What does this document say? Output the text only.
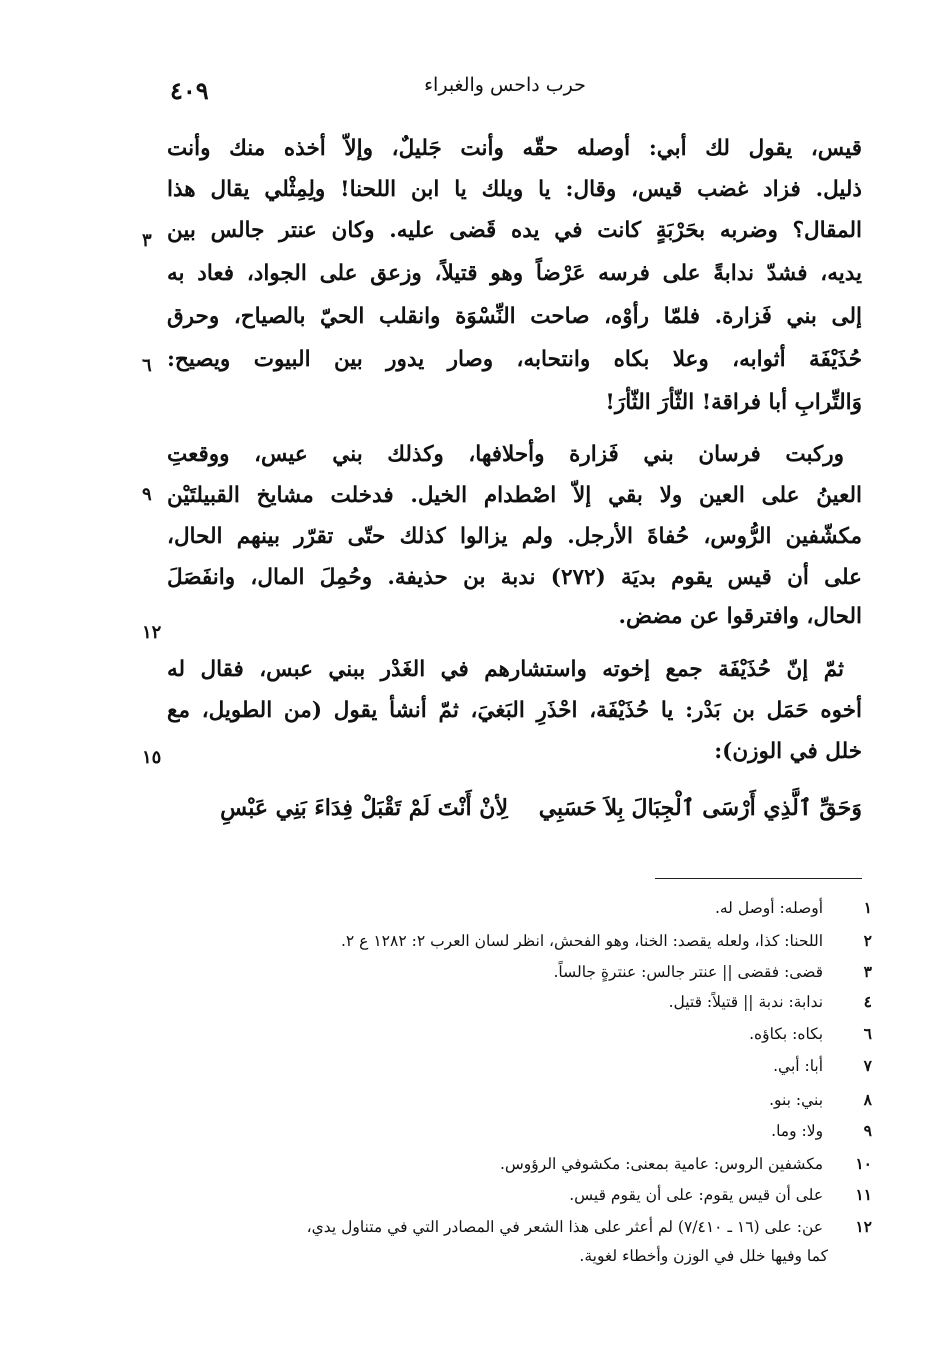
حرب داحس والغبراء
٤٠٩
قيس، يقول لك أبي: أوصله حقّه وأنت جَليلٌ، وإلاّ أخذه منك وأنت
ذليل. فزاد غضب قيس، وقال: يا ويلك يا ابن اللحنا! ولِمِثْلي يقال هذا
المقال؟ وضربه بحَرْبَةٍ كانت في يده قَضى عليه. وكان عنتر جالس بين
يديه، فشدّ ندابةً على فرسه عَرْضاً وهو قتيلاً، وزعق على الجواد، فعاد به
إلى بني فَزارة. فلمّا رأوْه، صاحت النِّسْوَة وانقلب الحيّ بالصياح، وحرق
حُذَيْفَة أثوابه، وعلا بكاه وانتحابه، وصار يدور بين البيوت ويصيح:
وَالتِّرابِ أبا فراقة! الثّأرَ الثّأرَ!
وركبت فرسان بني فَزارة وأحلافها، وكذلك بني عيس، ووقعتِ
العينُ على العين ولا بقي إلاّ اصْطدام الخيل. فدخلت مشايخ القبيلتَيْن
مكشّفين الرُّوس، حُفاةَ الأرجل. ولم يزالوا كذلك حتّى تقرّر بينهم الحال،
على أن قيس يقوم بديَة (٢٧٢) ندبة بن حذيفة. وحُمِلَ المال، وانفَصَلَ
الحال، وافترقوا عن مضض.
ثمّ إنّ حُذَيْفَة جمع إخوته واستشارهم في الغَدْر ببني عبس، فقال له
أخوه حَمَل بن بَدْر: يا حُذَيْفَة، احْذَرِ البَغيَ، ثمّ أنشأ يقول (من الطويل، مع
خلل في الوزن):
٣
٦
٩
١٢
١٥
وَحَقِّ ٱلَّذِي أَرْسَى ٱلْجِبَالَ بِلاَ حَسَبِي
لِأنْ أَنْتَ لَمْ تَقْبَلْ فِدَاءَ بَنِي عَبْسِ
١ أوصله: أوصل له.
٢ اللحنا: كذا، ولعله يقصد: الخنا، وهو الفحش، انظر لسان العرب ٢: ١٢٨٢ ع ٢.
٣ قضى: فقضى || عنتر جالس: عنترةٍ جالساً.
٤ ندابة: ندبة || قتيلاً: قتيل.
٦ بكاه: بكاؤه.
٧ أبا: أبي.
٨ بني: بنو.
٩ ولا: وما.
١٠ مكشفين الروس: عامية بمعنى: مكشوفي الرؤوس.
١١ على أن قيس يقوم: على أن يقوم قيس.
١٢ عن: على (١٦ ـ ٧/٤١٠) لم أعثر على هذا الشعر في المصادر التي في متناول يدي،
كما وفيها خلل في الوزن وأخطاء لغوية.
